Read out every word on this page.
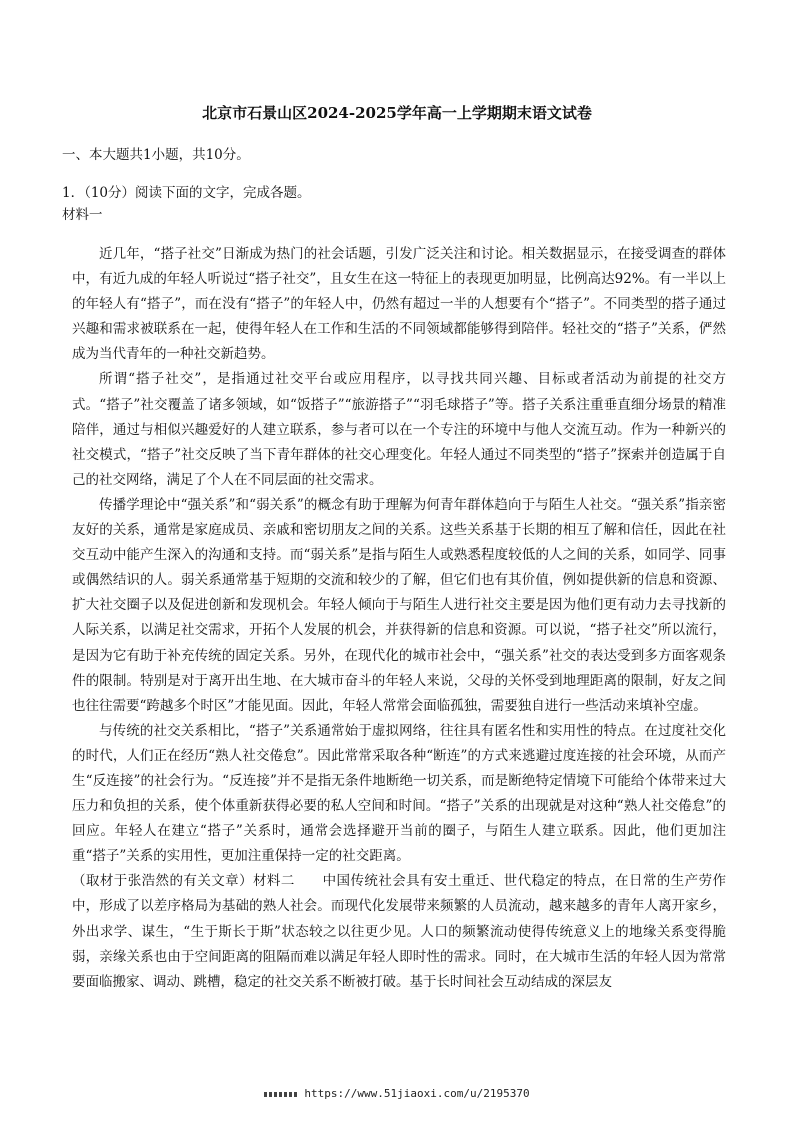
北京市石景山区2024-2025学年高一上学期期末语文试卷

一、本大题共1小题，共10分。

1．（10分）阅读下面的文字，完成各题。

材料一

近几年，“搭子社交”日渐成为热门的社会话题，引发广泛关注和讨论。相关数据显示，在接受调查的群体中，有近九成的年轻人听说过“搭子社交”，且女生在这一特征上的表现更加明显，比例高达92%。有一半以上的年轻人有“搭子”，而在没有“搭子”的年轻人中，仍然有超过一半的人想要有个“搭子”。不同类型的搭子通过兴趣和需求被联系在一起，使得年轻人在工作和生活的不同领域都能够得到陪伴。轻社交的“搭子”关系，俨然成为当代青年的一种社交新趋势。

所谓“搭子社交”，是指通过社交平台或应用程序，以寻找共同兴趣、目标或者活动为前提的社交方式。“搭子”社交覆盖了诸多领域，如“饭搭子”“旅游搭子”“羽毛球搭子”等。搭子关系注重垂直细分场景的精准陪伴，通过与相似兴趣爱好的人建立联系，参与者可以在一个专注的环境中与他人交流互动。作为一种新兴的社交模式，“搭子”社交反映了当下青年群体的社交心理变化。年轻人通过不同类型的“搭子”探索并创造属于自己的社交网络，满足了个人在不同层面的社交需求。

传播学理论中“强关系”和“弱关系”的概念有助于理解为何青年群体趋向于与陌生人社交。“强关系”指亲密友好的关系，通常是家庭成员、亲戚和密切朋友之间的关系。这些关系基于长期的相互了解和信任，因此在社交互动中能产生深入的沟通和支持。而“弱关系”是指与陌生人或熟悉程度较低的人之间的关系，如同学、同事或偶然结识的人。弱关系通常基于短期的交流和较少的了解，但它们也有其价值，例如提供新的信息和资源、扩大社交圈子以及促进创新和发现机会。年轻人倾向于与陌生人进行社交主要是因为他们更有动力去寻找新的人际关系，以满足社交需求，开拓个人发展的机会，并获得新的信息和资源。可以说，“搭子社交”所以流行，是因为它有助于补充传统的固定关系。另外，在现代化的城市社会中，“强关系”社交的表达受到多方面客观条件的限制。特别是对于离开出生地、在大城市奋斗的年轻人来说，父母的关怀受到地理距离的限制，好友之间也往往需要“跨越多个时区”才能见面。因此，年轻人常常会面临孤独，需要独自进行一些活动来填补空虚。

与传统的社交关系相比，“搭子”关系通常始于虚拟网络，往往具有匿名性和实用性的特点。在过度社交化的时代，人们正在经历“熟人社交倦怠”。因此常常采取各种“断连”的方式来逃避过度连接的社会环境，从而产生“反连接”的社会行为。“反连接”并不是指无条件地断绝一切关系，而是断绝特定情境下可能给个体带来过大压力和负担的关系，使个体重新获得必要的私人空间和时间。“搭子”关系的出现就是对这种“熟人社交倦怠”的回应。年轻人在建立“搭子”关系时，通常会选择避开当前的圈子，与陌生人建立联系。因此，他们更加注重“搭子”关系的实用性，更加注重保持一定的社交距离。

（取材于张浩然的有关文章）材料二　　中国传统社会具有安土重迁、世代稳定的特点，在日常的生产劳作中，形成了以差序格局为基础的熟人社会。而现代化发展带来频繁的人员流动，越来越多的青年人离开家乡，外出求学、谋生，“生于斯长于斯”状态较之以往更少见。人口的频繁流动使得传统意义上的地缘关系变得脆弱，亲缘关系也由于空间距离的阻隔而难以满足年轻人即时性的需求。同时，在大城市生活的年轻人因为常常要面临搬家、调动、跳槽，稳定的社交关系不断被打破。基于长时间社会互动结成的深层友

https://www.51jiaoxi.com/u/2195370
